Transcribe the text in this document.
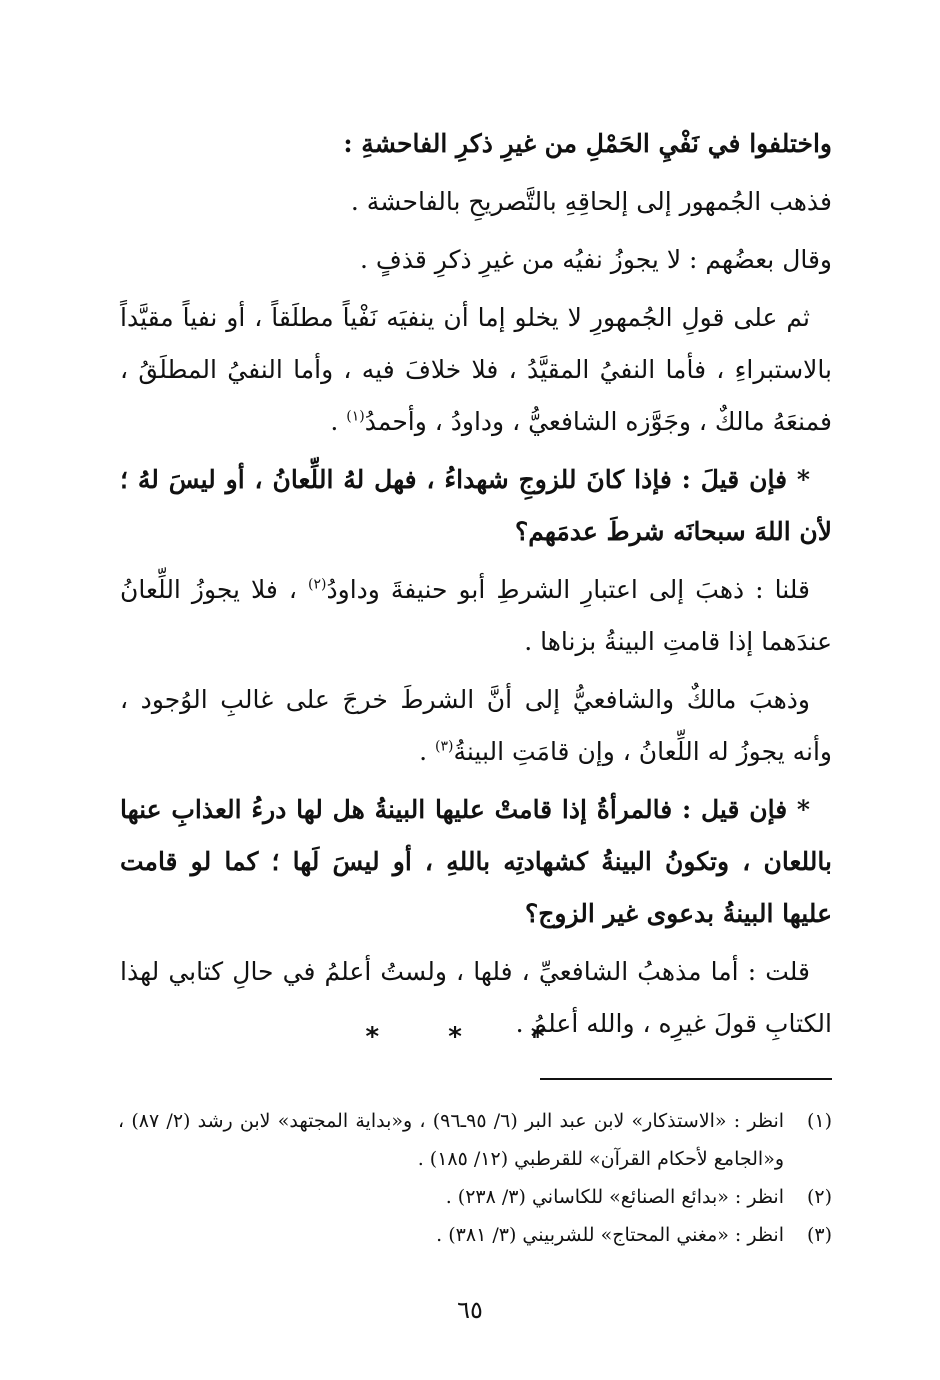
واختلفوا في نَفْيِ الحَمْلِ من غيرِ ذكرِ الفاحشةِ :

فذهب الجُمهور إلى إلحاقِهِ بالتَّصريحِ بالفاحشة .

وقال بعضُهم : لا يجوزُ نفيُه من غيرِ ذكرِ قذفٍ .

ثم على قولِ الجُمهورِ لا يخلو إما أن ينفيَه نَفْياً مطلَقاً ، أو نفياً مقيَّداً بالاستبراءِ ، فأما النفيُ المقيَّدُ ، فلا خلافَ فيه ، وأما النفيُ المطلَقُ ، فمنعَهُ مالكٌ ، وجَوَّزه الشافعيُّ ، وداودُ ، وأحمدُ$^{(١)}$ .

* فإن قيلَ : فإذا كانَ للزوجِ شهداءُ ، فهل لهُ اللِّعانُ ، أو ليسَ لهُ ؛ لأن اللهَ سبحانَه شرطَ عدمَهم؟

قلنا : ذهبَ إلى اعتبارِ الشرطِ أبو حنيفةَ وداودُ$^{(٢)}$ ، فلا يجوزُ اللِّعانُ عندَهما إذا قامتِ البينةُ بزناها .

وذهبَ مالكٌ والشافعيُّ إلى أنَّ الشرطَ خرجَ على غالبِ الوُجود ، وأنه يجوزُ له اللِّعانُ ، وإن قامَتِ البينةُ$^{(٣)}$ .

* فإن قيل : فالمرأةُ إذا قامتْ عليها البينةُ هل لها درءُ العذابِ عنها باللعان ، وتكونُ البينةُ كشهادتِه باللهِ ، أو ليسَ لَها ؛ كما لو قامت عليها البينةُ بدعوى غير الزوج؟

قلت : أما مذهبُ الشافعيِّ ، فلها ، ولستُ أعلمُ في حالِ كتابي لهذا الكتابِ قولَ غيرِه ، والله أعلمُ .

* * *
(١)
انظر : «الاستذكار» لابن عبد البر (٦/ ٩٥ـ٩٦) ، و«بداية المجتهد» لابن رشد (٢/ ٨٧) ، و«الجامع لأحكام القرآن» للقرطبي (١٢/ ١٨٥) .
(٢)
انظر : «بدائع الصنائع» للكاساني (٣/ ٢٣٨) .
(٣)
انظر : «مغني المحتاج» للشربيني (٣/ ٣٨١) .
٦٥
